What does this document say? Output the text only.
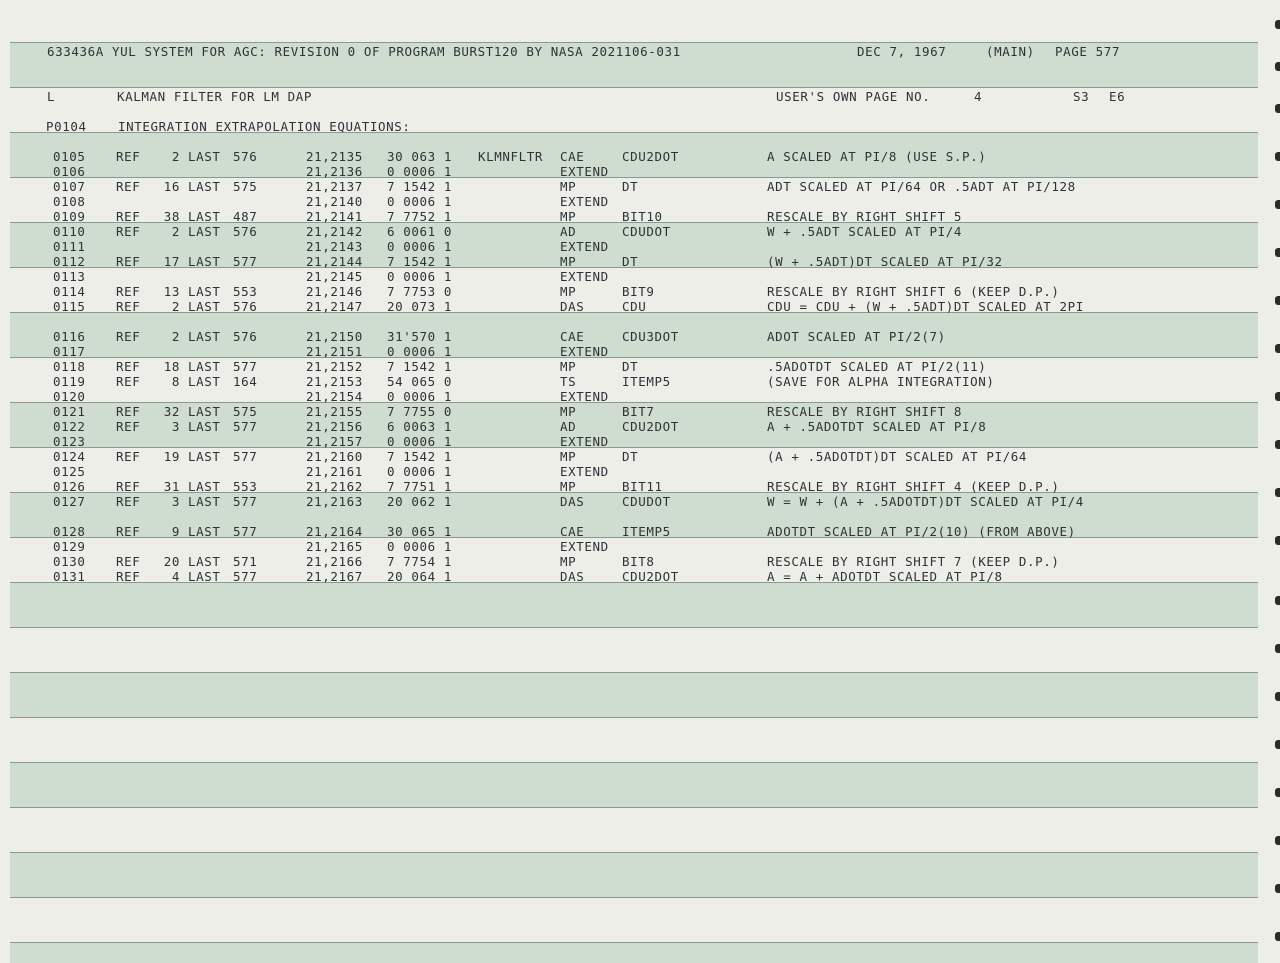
633436A YUL SYSTEM FOR AGC: REVISION 0 OF PROGRAM BURST120 BY NASA 2021106-031	DEC 7, 1967	(MAIN) PAGE 577
L	KALMAN FILTER FOR LM DAP	USER'S OWN PAGE NO.	4	S3 E6
P0104	INTEGRATION EXTRAPOLATION EQUATIONS:
0105 REF	2 LAST 576	21,2135 30 063 1 KLMNFLTR CAE	CDU2DOT	A SCALED AT PI/8 (USE S.P.)
0106	21,2136 0 0006 1	EXTEND
0107 REF	16 LAST 575	21,2137 7 1542 1	MP	DT	ADT SCALED AT PI/64 OR .5ADT AT PI/128
0108	21,2140 0 0006 1	EXTEND
0109 REF	38 LAST 487	21,2141 7 7752 1	MP	BIT10	RESCALE BY RIGHT SHIFT 5
0110 REF	2 LAST 576	21,2142 6 0061 0	AD	CDUDOT	W + .5ADT SCALED AT PI/4
0111	21,2143 0 0006 1	EXTEND
0112 REF	17 LAST 577	21,2144 7 1542 1	MP	DT	(W + .5ADT)DT SCALED AT PI/32
0113	21,2145 0 0006 1	EXTEND
0114 REF	13 LAST 553	21,2146 7 7753 0	MP	BIT9	RESCALE BY RIGHT SHIFT 6 (KEEP D.P.)
0115 REF	2 LAST 576	21,2147 20 073 1	DAS	CDU	CDU = CDU + (W + .5ADT)DT SCALED AT 2PI
0116 REF	2 LAST 576	21,2150 31'570 1	CAE	CDU3DOT	ADOT SCALED AT PI/2(7)
0117	21,2151 0 0006 1	EXTEND
0118 REF	18 LAST 577	21,2152 7 1542 1	MP	DT	.5ADOTDT SCALED AT PI/2(11)
0119 REF	8 LAST 164	21,2153 54 065 0	TS	ITEMP5	(SAVE FOR ALPHA INTEGRATION)
0120	21,2154 0 0006 1	EXTEND
0121 REF	32 LAST 575	21,2155 7 7755 0	MP	BIT7	RESCALE BY RIGHT SHIFT 8
0122 REF	3 LAST 577	21,2156 6 0063 1	AD	CDU2DOT	A + .5ADOTDT SCALED AT PI/8
0123	21,2157 0 0006 1	EXTEND
0124 REF	19 LAST 577	21,2160 7 1542 1	MP	DT	(A + .5ADOTDT)DT SCALED AT PI/64
0125	21,2161 0 0006 1	EXTEND
0126 REF	31 LAST 553	21,2162 7 7751 1	MP	BIT11	RESCALE BY RIGHT SHIFT 4 (KEEP D.P.)
0127 REF	3 LAST 577	21,2163 20 062 1	DAS	CDUDOT	W = W + (A + .5ADOTDT)DT SCALED AT PI/4
0128 REF	9 LAST 577	21,2164 30 065 1	CAE	ITEMP5	ADOTDT SCALED AT PI/2(10) (FROM ABOVE)
0129	21,2165 0 0006 1	EXTEND
0130 REF	20 LAST 571	21,2166 7 7754 1	MP	BIT8	RESCALE BY RIGHT SHIFT 7 (KEEP D.P.)
0131 REF	4 LAST 577	21,2167 20 064 1	DAS	CDU2DOT	A = A + ADOTDT SCALED AT PI/8
